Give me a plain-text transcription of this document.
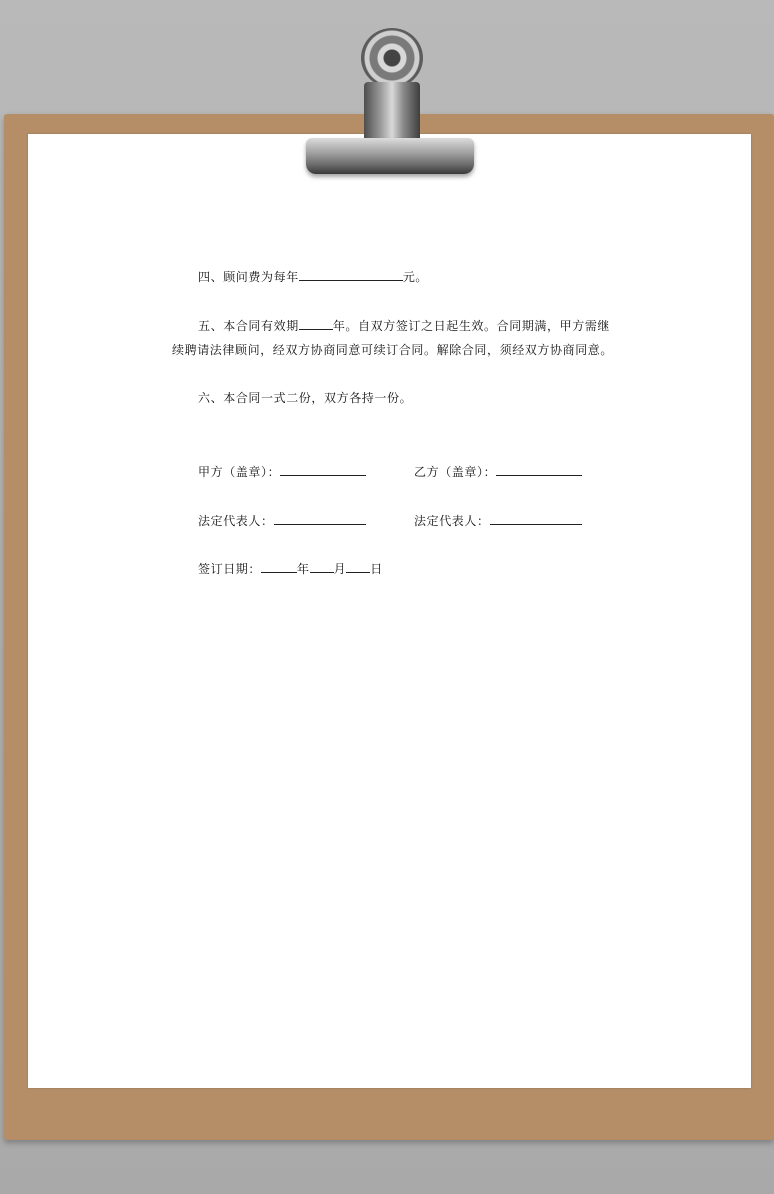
四、顾问费为每年	元。
五、本合同有效期	年。自双方签订之日起生效。合同期满，甲方需继
续聘请法律顾问，经双方协商同意可续订合同。解除合同，须经双方协商同意。
六、本合同一式二份，双方各持一份。
甲方（盖章）：	乙方（盖章）：
法定代表人：	法定代表人：
签订日期：	年 月 日
